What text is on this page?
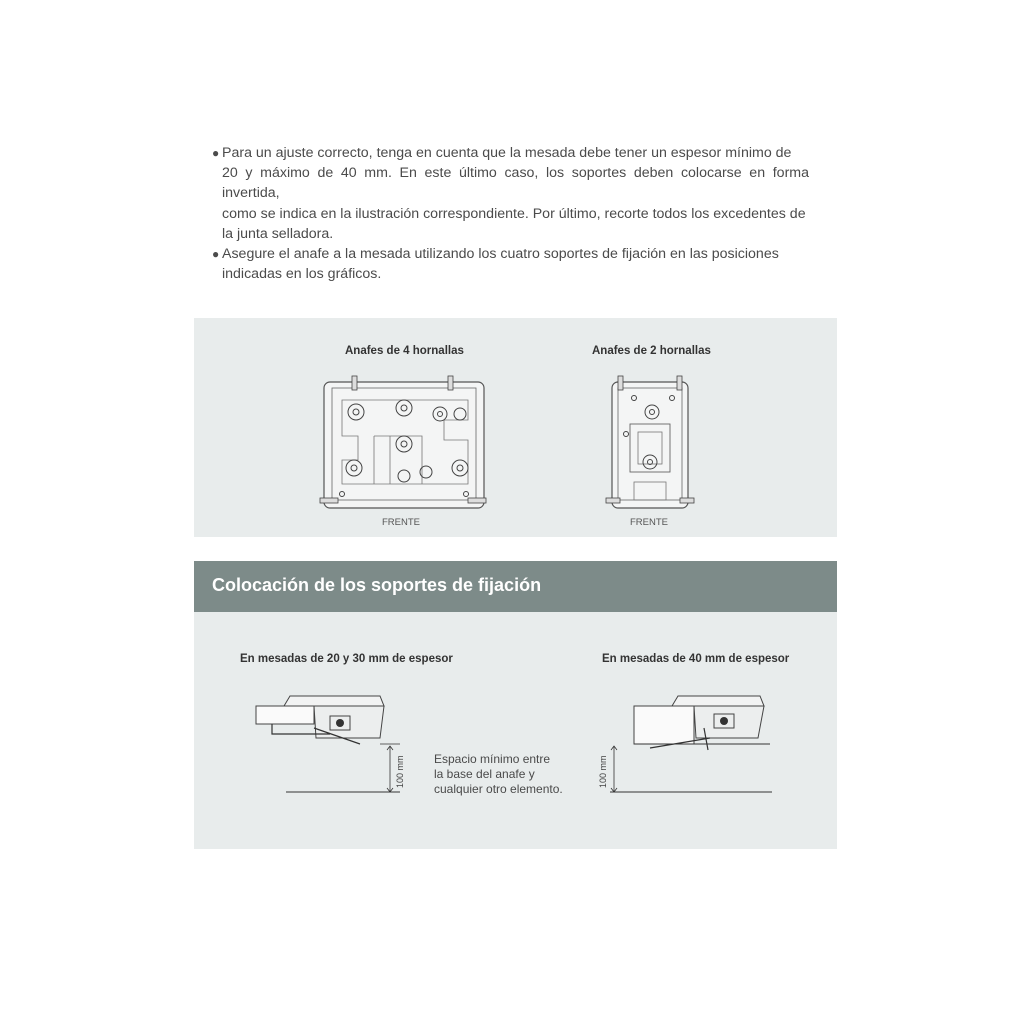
● Para un ajuste correcto, tenga en cuenta que la mesada debe tener un espesor mínimo de
20 y máximo de 40 mm. En este último caso, los soportes deben colocarse en forma invertida,
como se indica en la ilustración correspondiente. Por último, recorte todos los excedentes de
la junta selladora.
● Asegure el anafe a la mesada utilizando los cuatro soportes de fijación en las posiciones
indicadas en los gráficos.
Anafes de 4 hornallas	Anafes de 2 hornallas
FRENTE	FRENTE
Colocación de los soportes de fijación
En mesadas de 20 y 30 mm de espesor	En mesadas de 40 mm de espesor
100 mm Espacio mínimo entre
la base del anafe y
cualquier otro elemento.
100 mm
